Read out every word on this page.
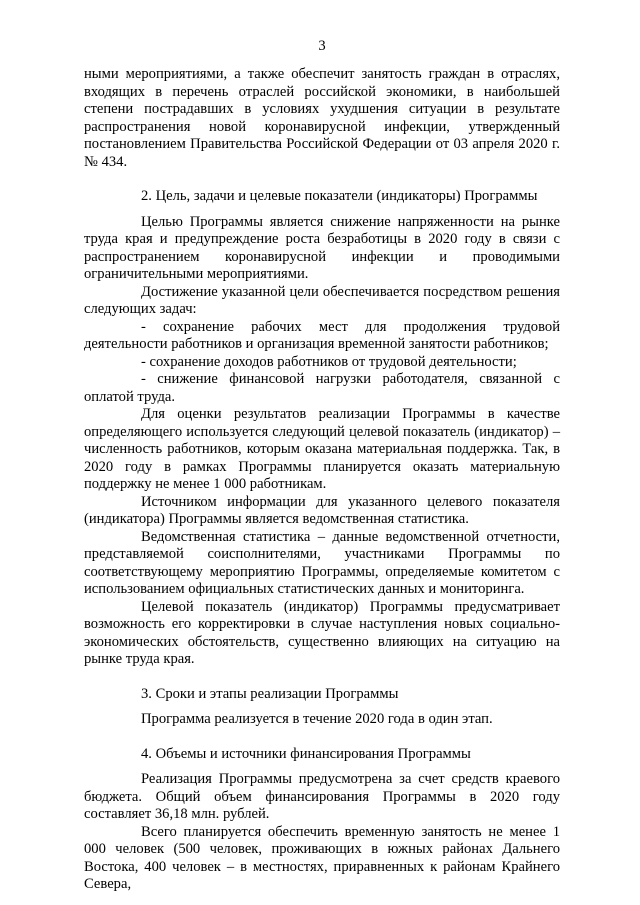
3

ными мероприятиями, а также обеспечит занятость граждан в отраслях, входящих в перечень отраслей российской экономики, в наибольшей степени пострадавших в условиях ухудшения ситуации в результате распространения новой коронавирусной инфекции, утвержденный постановлением Правительства Российской Федерации от 03 апреля 2020 г. № 434.

2. Цель, задачи и целевые показатели (индикаторы) Программы

Целью Программы является снижение напряженности на рынке труда края и предупреждение роста безработицы в 2020 году в связи с распространением коронавирусной инфекции и проводимыми ограничительными мероприятиями.

Достижение указанной цели обеспечивается посредством решения следующих задач:

- сохранение рабочих мест для продолжения трудовой деятельности работников и организация временной занятости работников;

- сохранение доходов работников от трудовой деятельности;

- снижение финансовой нагрузки работодателя, связанной с оплатой труда.

Для оценки результатов реализации Программы в качестве определяющего используется следующий целевой показатель (индикатор) – численность работников, которым оказана материальная поддержка. Так, в 2020 году в рамках Программы планируется оказать материальную поддержку не менее 1 000 работникам.

Источником информации для указанного целевого показателя (индикатора) Программы является ведомственная статистика.

Ведомственная статистика – данные ведомственной отчетности, представляемой соисполнителями, участниками Программы по соответствующему мероприятию Программы, определяемые комитетом с использованием официальных статистических данных и мониторинга.

Целевой показатель (индикатор) Программы предусматривает возможность его корректировки в случае наступления новых социально-экономических обстоятельств, существенно влияющих на ситуацию на рынке труда края.

3. Сроки и этапы реализации Программы

Программа реализуется в течение 2020 года в один этап.

4. Объемы и источники финансирования Программы

Реализация Программы предусмотрена за счет средств краевого бюджета. Общий объем финансирования Программы в 2020 году составляет 36,18 млн. рублей.

Всего планируется обеспечить временную занятость не менее 1 000 человек (500 человек, проживающих в южных районах Дальнего Востока, 400 человек – в местностях, приравненных к районам Крайнего Севера,
